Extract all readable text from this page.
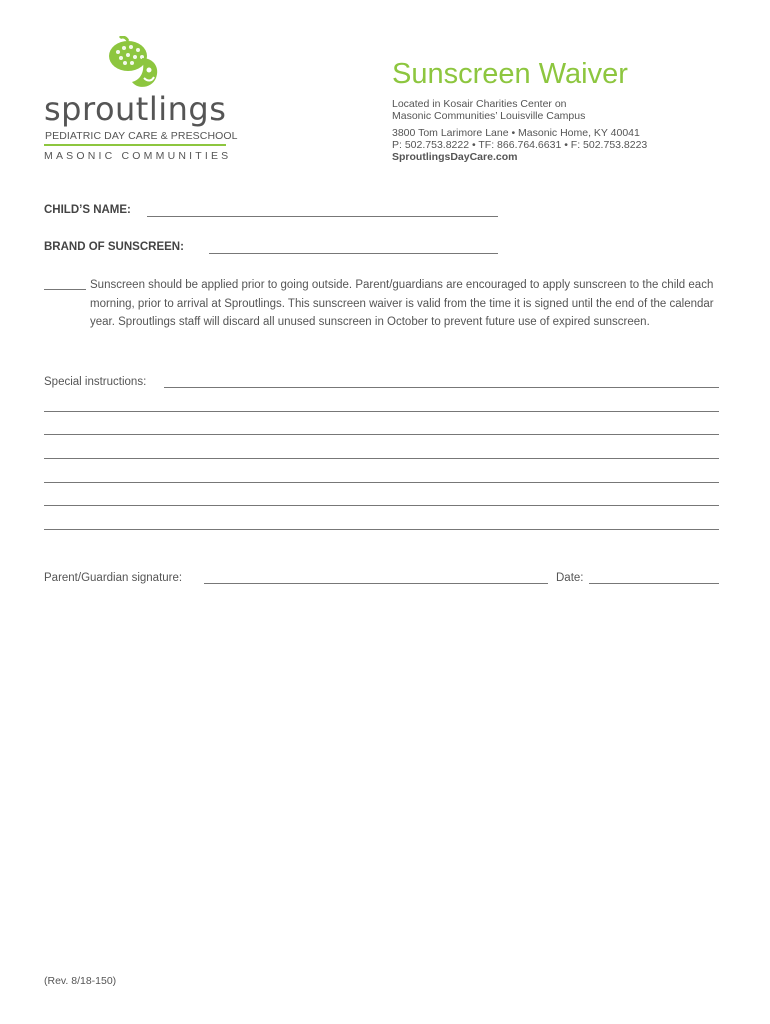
sproutlings
PEDIATRIC DAY CARE & PRESCHOOL
MASONIC COMMUNITIES
Sunscreen Waiver
Located in Kosair Charities Center on
Masonic Communities’ Louisville Campus
3800 Tom Larimore Lane • Masonic Home, KY 40041
P: 502.753.8222 • TF: 866.764.6631 • F: 502.753.8223
SproutlingsDayCare.com
CHILD’S NAME:
BRAND OF SUNSCREEN:
Sunscreen should be applied prior to going outside. Parent/guardians are encouraged to apply sunscreen to the child each morning, prior to arrival at Sproutlings. This sunscreen waiver is valid from the time it is signed until the end of the calendar year. Sproutlings staff will discard all unused sunscreen in October to prevent future use of expired sunscreen.
Special instructions:
Parent/Guardian signature:	Date:
(Rev. 8/18-150)
